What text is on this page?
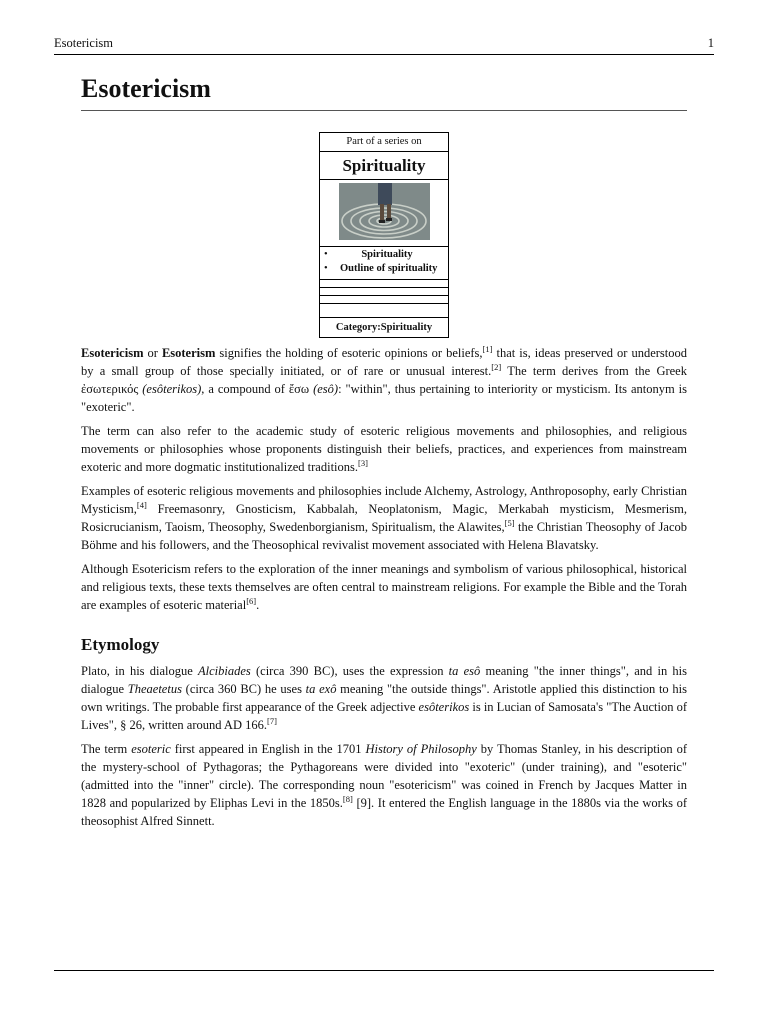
Esotericism	1
Esotericism
Part of a series on
Spirituality
•	Spirituality
•	Outline of spirituality
Category:Spirituality

Esotericism or Esoterism signifies the holding of esoteric opinions or beliefs,[1] that is, ideas preserved or understood by a small group of those specially initiated, or of rare or unusual interest.[2] The term derives from the Greek ἐσωτερικός (esôterikos), a compound of ἔσω (esô): "within", thus pertaining to interiority or mysticism. Its antonym is "exoteric".

The term can also refer to the academic study of esoteric religious movements and philosophies, and religious movements or philosophies whose proponents distinguish their beliefs, practices, and experiences from mainstream exoteric and more dogmatic institutionalized traditions.[3]

Examples of esoteric religious movements and philosophies include Alchemy, Astrology, Anthroposophy, early Christian Mysticism,[4] Freemasonry, Gnosticism, Kabbalah, Neoplatonism, Magic, Merkabah mysticism, Mesmerism, Rosicrucianism, Taoism, Theosophy, Swedenborgianism, Spiritualism, the Alawites,[5] the Christian Theosophy of Jacob Böhme and his followers, and the Theosophical revivalist movement associated with Helena Blavatsky.

Although Esotericism refers to the exploration of the inner meanings and symbolism of various philosophical, historical and religious texts, these texts themselves are often central to mainstream religions. For example the Bible and the Torah are examples of esoteric material[6].

Etymology

Plato, in his dialogue Alcibiades (circa 390 BC), uses the expression ta esô meaning "the inner things", and in his dialogue Theaetetus (circa 360 BC) he uses ta exô meaning "the outside things". Aristotle applied this distinction to his own writings. The probable first appearance of the Greek adjective esôterikos is in Lucian of Samosata's "The Auction of Lives", § 26, written around AD 166.[7]

The term esoteric first appeared in English in the 1701 History of Philosophy by Thomas Stanley, in his description of the mystery-school of Pythagoras; the Pythagoreans were divided into "exoteric" (under training), and "esoteric" (admitted into the "inner" circle). The corresponding noun "esotericism" was coined in French by Jacques Matter in 1828 and popularized by Eliphas Levi in the 1850s.[8] [9]. It entered the English language in the 1880s via the works of theosophist Alfred Sinnett.
